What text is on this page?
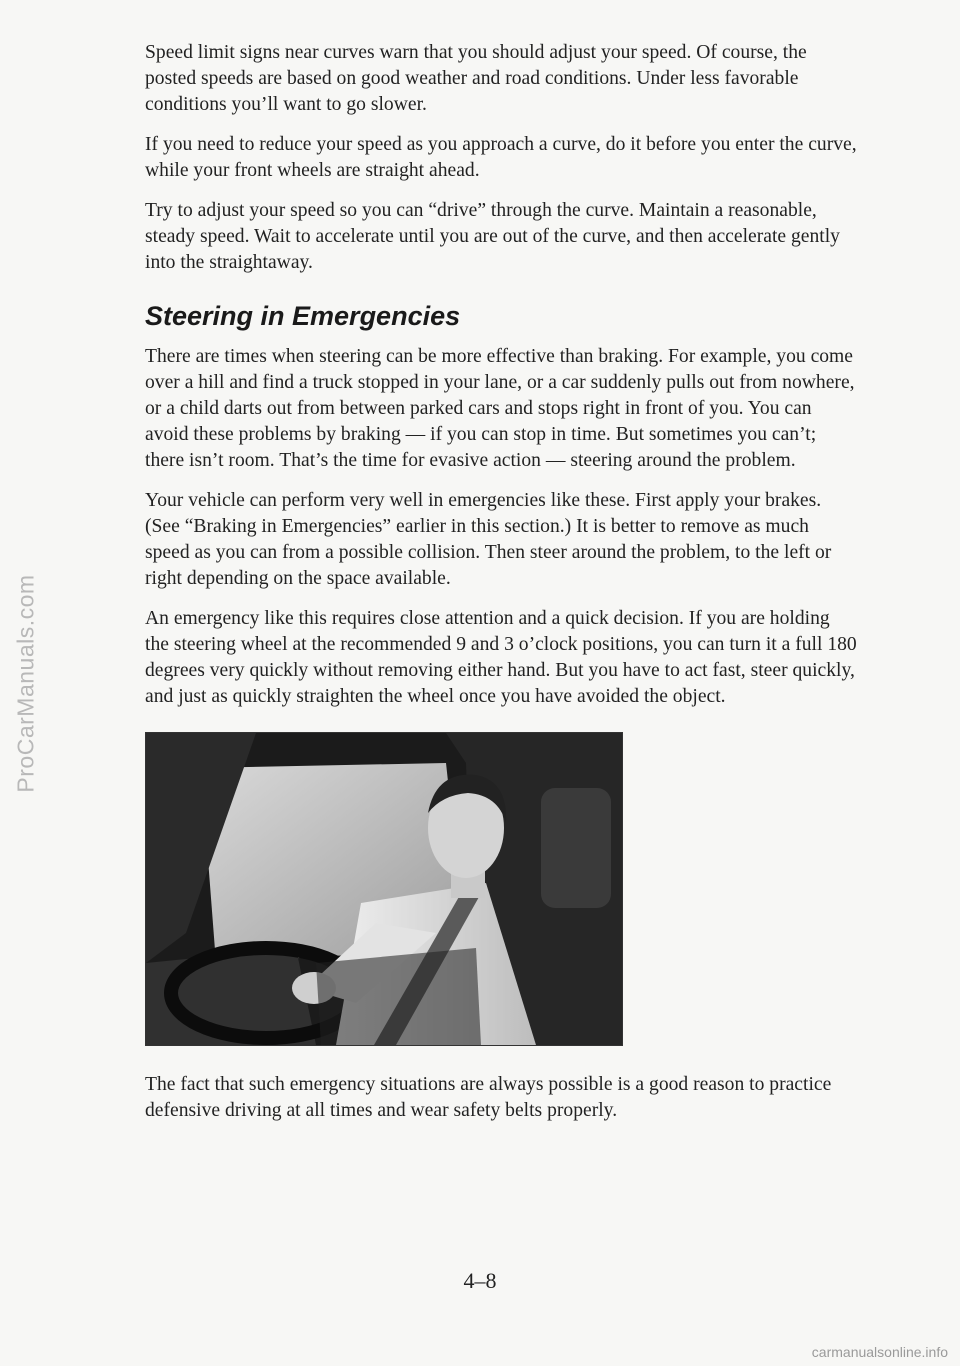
ProCarManuals.com

Speed limit signs near curves warn that you should adjust your speed. Of course, the posted speeds are based on good weather and road conditions. Under less favorable conditions you’ll want to go slower.

If you need to reduce your speed as you approach a curve, do it before you enter the curve, while your front wheels are straight ahead.

Try to adjust your speed so you can “drive” through the curve. Maintain a reasonable, steady speed. Wait to accelerate until you are out of the curve, and then accelerate gently into the straightaway.

Steering in Emergencies

There are times when steering can be more effective than braking. For example, you come over a hill and find a truck stopped in your lane, or a car suddenly pulls out from nowhere, or a child darts out from between parked cars and stops right in front of you. You can avoid these problems by braking — if you can stop in time. But sometimes you can’t; there isn’t room. That’s the time for evasive action — steering around the problem.

Your vehicle can perform very well in emergencies like these. First apply your brakes. (See “Braking in Emergencies” earlier in this section.) It is better to remove as much speed as you can from a possible collision. Then steer around the problem, to the left or right depending on the space available.

An emergency like this requires close attention and a quick decision. If you are holding the steering wheel at the recommended 9 and 3 o’clock positions, you can turn it a full 180 degrees very quickly without removing either hand. But you have to act fast, steer quickly, and just as quickly straighten the wheel once you have avoided the object.

The fact that such emergency situations are always possible is a good reason to practice defensive driving at all times and wear safety belts properly.

4–8
carmanualsonline.info
